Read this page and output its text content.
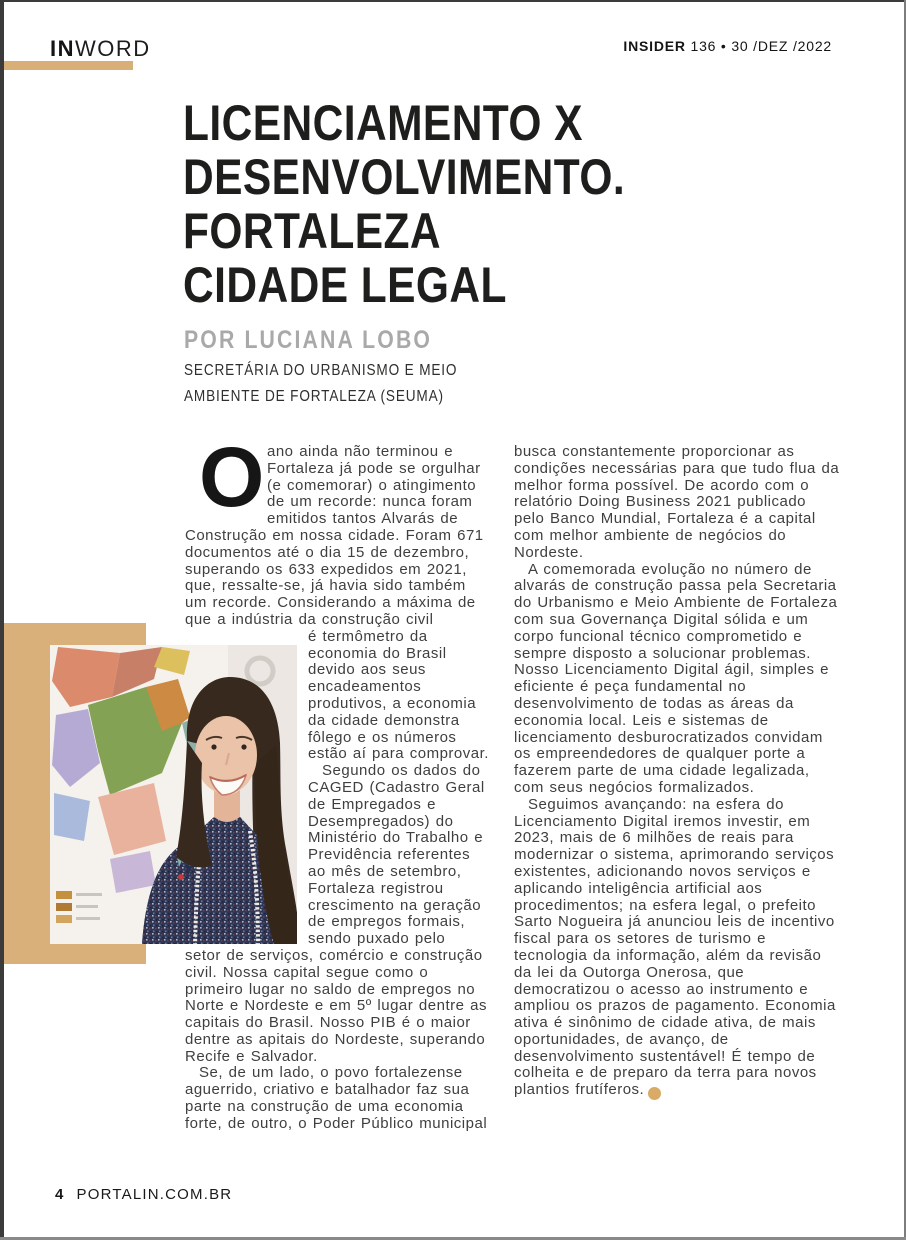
INWORD	INSIDER 136 • 30 /DEZ /2022
LICENCIAMENTO X
DESENVOLVIMENTO.
FORTALEZA
CIDADE LEGAL
POR LUCIANA LOBO
SECRETÁRIA DO URBANISMO E MEIO
AMBIENTE DE FORTALEZA (SEUMA)

Oano ainda não terminou e Fortaleza já pode se orgulhar (e comemorar) o atingimento de um recorde: nunca foram emitidos tantos Alvarás de Construção em nossa cidade. Foram 671 documentos até o dia 15 de dezembro, superando os 633 expedidos em 2021, que, ressalte-se, já havia sido também um recorde. Considerando a máxima de que a indústria da construção civil

é termômetro da economia do Brasil devido aos seus encadeamentos produtivos, a economia da cidade demonstra fôlego e os números estão aí para comprovar.

Segundo os dados do CAGED (Cadastro Geral de Empregados e Desempregados) do Ministério do Trabalho e Previdência referentes ao mês de setembro, Fortaleza registrou crescimento na geração de empregos formais, sendo puxado pelo

setor de serviços, comércio e construção civil. Nossa capital segue como o primeiro lugar no saldo de empregos no Norte e Nordeste e em 5º lugar dentre as capitais do Brasil. Nosso PIB é o maior dentre as apitais do Nordeste, superando Recife e Salvador.

Se, de um lado, o povo fortalezense aguerrido, criativo e batalhador faz sua parte na construção de uma economia forte, de outro, o Poder Público municipal

busca constantemente proporcionar as condições necessárias para que tudo flua da melhor forma possível. De acordo com o relatório Doing Business 2021 publicado pelo Banco Mundial, Fortaleza é a capital com melhor ambiente de negócios do Nordeste.

A comemorada evolução no número de alvarás de construção passa pela Secretaria do Urbanismo e Meio Ambiente de Fortaleza com sua Governança Digital sólida e um corpo funcional técnico comprometido e sempre disposto a solucionar problemas. Nosso Licenciamento Digital ágil, simples e eficiente é peça fundamental no desenvolvimento de todas as áreas da economia local. Leis e sistemas de licenciamento desburocratizados convidam os empreendedores de qualquer porte a fazerem parte de uma cidade legalizada, com seus negócios formalizados.

Seguimos avançando: na esfera do Licenciamento Digital iremos investir, em 2023, mais de 6 milhões de reais para modernizar o sistema, aprimorando serviços existentes, adicionando novos serviços e aplicando inteligência artificial aos procedimentos; na esfera legal, o prefeito Sarto Nogueira já anunciou leis de incentivo fiscal para os setores de turismo e tecnologia da informação, além da revisão da lei da Outorga Onerosa, que democratizou o acesso ao instrumento e ampliou os prazos de pagamento. Economia ativa é sinônimo de cidade ativa, de mais oportunidades, de avanço, de desenvolvimento sustentável! É tempo de colheita e de preparo da terra para novos plantios frutíferos. ✱

4 PORTALIN.COM.BR
